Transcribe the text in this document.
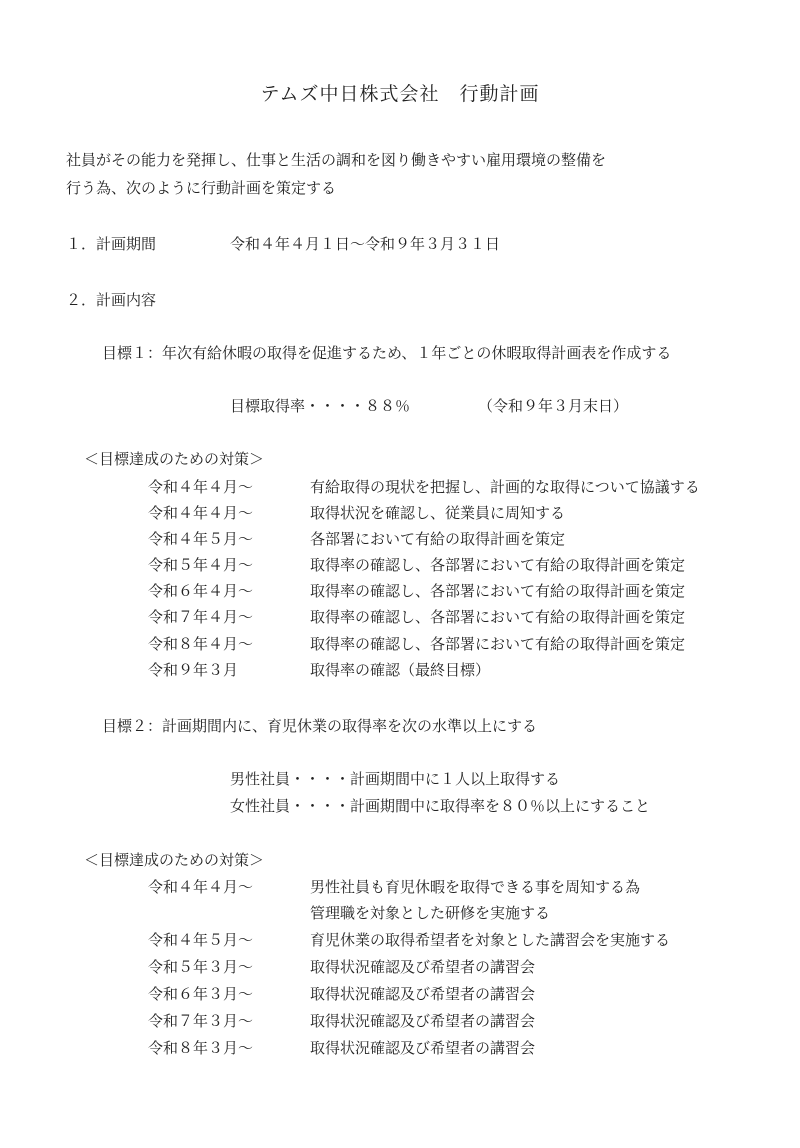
テムズ中日株式会社　行動計画
社員がその能力を発揮し、仕事と生活の調和を図り働きやすい雇用環境の整備を
行う為、次のように行動計画を策定する
１．計画期間	令和４年４月１日～令和９年３月３１日
２．計画内容
目標１：年次有給休暇の取得を促進するため、１年ごとの休暇取得計画表を作成する
目標取得率・・・・８８％	（令和９年３月末日）
＜目標達成のための対策＞
令和４年４月～	有給取得の現状を把握し、計画的な取得について協議する
令和４年４月～	取得状況を確認し、従業員に周知する
令和４年５月～	各部署において有給の取得計画を策定
令和５年４月～	取得率の確認し、各部署において有給の取得計画を策定
令和６年４月～	取得率の確認し、各部署において有給の取得計画を策定
令和７年４月～	取得率の確認し、各部署において有給の取得計画を策定
令和８年４月～	取得率の確認し、各部署において有給の取得計画を策定
令和９年３月	取得率の確認（最終目標）
目標２：計画期間内に、育児休業の取得率を次の水準以上にする
男性社員・・・・計画期間中に１人以上取得する
女性社員・・・・計画期間中に取得率を８０％以上にすること
＜目標達成のための対策＞
令和４年４月～	男性社員も育児休暇を取得できる事を周知する為
管理職を対象とした研修を実施する
令和４年５月～	育児休業の取得希望者を対象とした講習会を実施する
令和５年３月～	取得状況確認及び希望者の講習会
令和６年３月～	取得状況確認及び希望者の講習会
令和７年３月～	取得状況確認及び希望者の講習会
令和８年３月～	取得状況確認及び希望者の講習会
